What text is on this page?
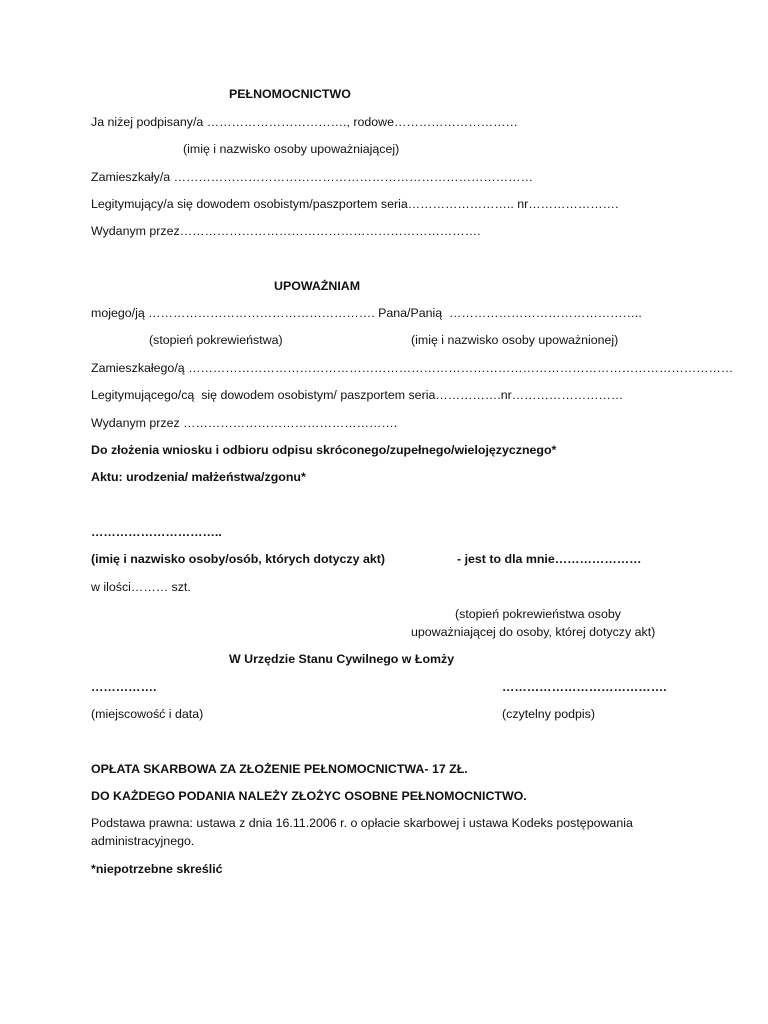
PEŁNOMOCNICTWO

Ja niżej podpisany/a ……………………………., rodowe…………………………

(imię i nazwisko osoby upoważniającej)

Zamieszkały/a ……………………………………………………………………………

Legitymujący/a się dowodem osobistym/paszportem seria…………………….. nr………………….

Wydanym przez……………………………………………………………….

UPOWAŻNIAM

mojego/ją ………………………………………………. Pana/Panią  ………………………………………..

(stopień pokrewieństwa)	(imię i nazwisko osoby upoważnionej)

Zamieszkałego/ą ……………………………………………………………………………………………………………………

Legitymującego/cą  się dowodem osobistym/ paszportem seria…………….nr………………………

Wydanym przez …………………………………………….

Do złożenia wniosku i odbioru odpisu skróconego/zupełnego/wielojęzycznego*

Aktu: urodzenia/ małżeństwa/zgonu*

…………………………..

(imię i nazwisko osoby/osób, których dotyczy akt)	- jest to dla mnie…………………

w ilości……… szt.

(stopień pokrewieństwa osoby

upoważniającej do osoby, której dotyczy akt)

W Urzędzie Stanu Cywilnego w Łomży

…………….	………………………………….

(miejscowość i data)	(czytelny podpis)

OPŁATA SKARBOWA ZA ZŁOŻENIE PEŁNOMOCNICTWA- 17 ZŁ.

DO KAŻDEGO PODANIA NALEŻY ZŁOŻYC OSOBNE PEŁNOMOCNICTWO.

Podstawa prawna: ustawa z dnia 16.11.2006 r. o opłacie skarbowej i ustawa Kodeks postępowania

administracyjnego.

*niepotrzebne skreślić
